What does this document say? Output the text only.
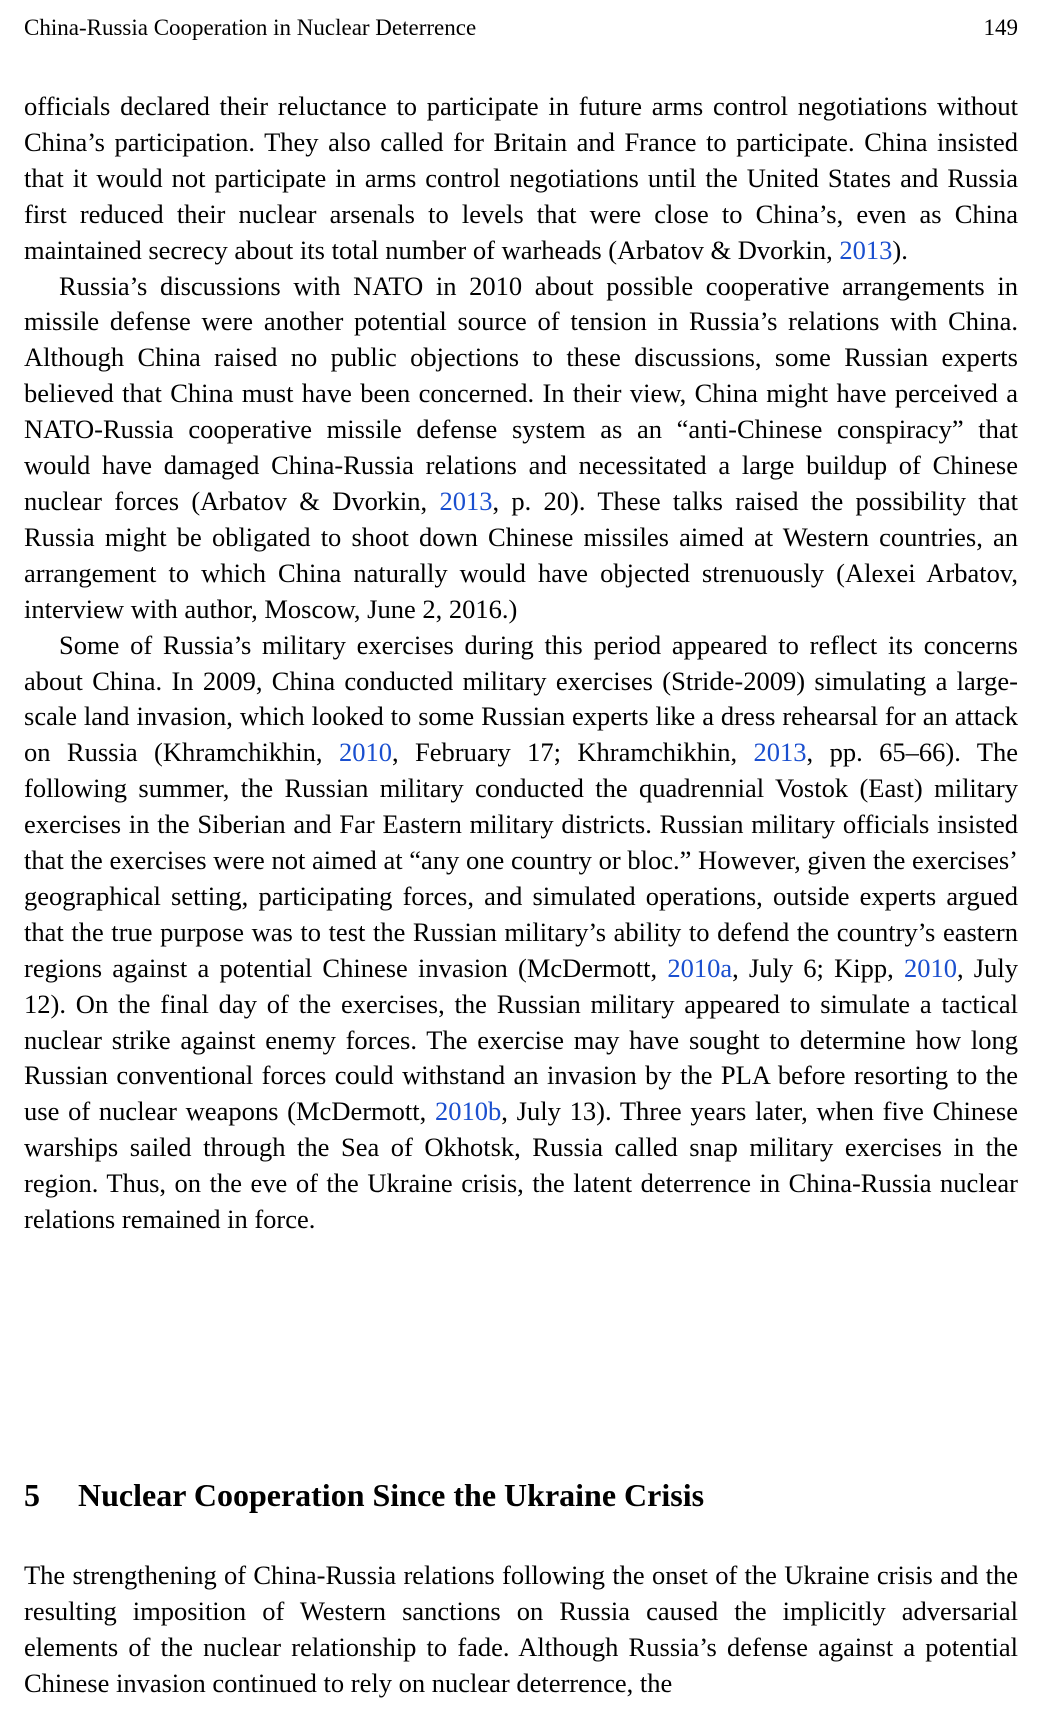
China-Russia Cooperation in Nuclear Deterrence	149

officials declared their reluctance to participate in future arms control negotiations without China’s participation. They also called for Britain and France to participate. China insisted that it would not participate in arms control negotiations until the United States and Russia first reduced their nuclear arsenals to levels that were close to China’s, even as China maintained secrecy about its total number of warheads (Arbatov & Dvorkin, 2013).

Russia’s discussions with NATO in 2010 about possible cooperative arrangements in missile defense were another potential source of tension in Russia’s relations with China. Although China raised no public objections to these discussions, some Russian experts believed that China must have been concerned. In their view, China might have perceived a NATO-Russia cooperative missile defense system as an “anti-Chinese conspiracy” that would have damaged China-Russia relations and necessitated a large buildup of Chinese nuclear forces (Arbatov & Dvorkin, 2013, p. 20). These talks raised the possibility that Russia might be obligated to shoot down Chinese missiles aimed at Western countries, an arrangement to which China naturally would have objected strenuously (Alexei Arbatov, interview with author, Moscow, June 2, 2016.)

Some of Russia’s military exercises during this period appeared to reflect its concerns about China. In 2009, China conducted military exercises (Stride-2009) simulating a large-scale land invasion, which looked to some Russian experts like a dress rehearsal for an attack on Russia (Khramchikhin, 2010, February 17; Khramchikhin, 2013, pp. 65–66). The following summer, the Russian military conducted the quadrennial Vostok (East) military exercises in the Siberian and Far Eastern military districts. Russian military officials insisted that the exercises were not aimed at “any one country or bloc.” However, given the exercises’ geographical setting, participating forces, and simulated operations, outside experts argued that the true purpose was to test the Russian military’s ability to defend the country’s eastern regions against a potential Chinese invasion (McDermott, 2010a, July 6; Kipp, 2010, July 12). On the final day of the exercises, the Russian military appeared to simulate a tactical nuclear strike against enemy forces. The exercise may have sought to determine how long Russian conventional forces could withstand an invasion by the PLA before resorting to the use of nuclear weapons (McDermott, 2010b, July 13). Three years later, when five Chinese warships sailed through the Sea of Okhotsk, Russia called snap military exercises in the region. Thus, on the eve of the Ukraine crisis, the latent deterrence in China-Russia nuclear relations remained in force.

5 Nuclear Cooperation Since the Ukraine Crisis

The strengthening of China-Russia relations following the onset of the Ukraine crisis and the resulting imposition of Western sanctions on Russia caused the implicitly adversarial elements of the nuclear relationship to fade. Although Russia’s defense against a potential Chinese invasion continued to rely on nuclear deterrence, the
